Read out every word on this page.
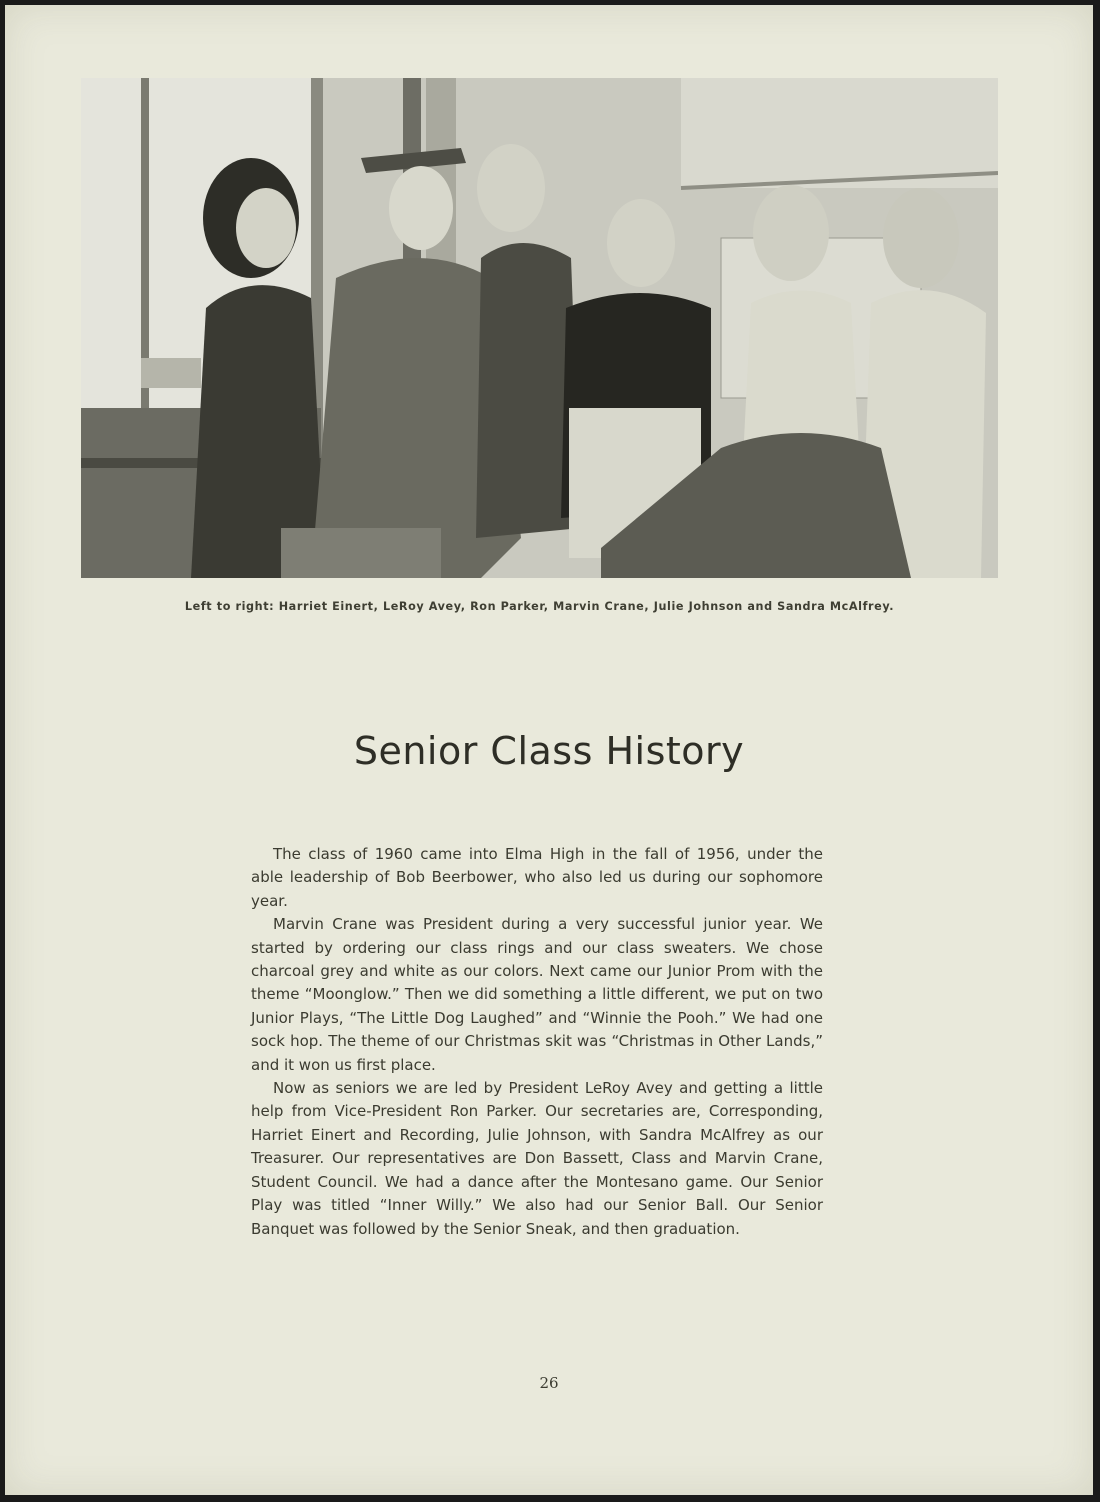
Left to right: Harriet Einert, LeRoy Avey, Ron Parker, Marvin Crane, Julie Johnson and Sandra McAlfrey.
Senior Class History

The class of 1960 came into Elma High in the fall of 1956, under the able leadership of Bob Beerbower, who also led us during our sophomore year.

Marvin Crane was President during a very successful junior year. We started by ordering our class rings and our class sweaters. We chose charcoal grey and white as our colors. Next came our Junior Prom with the theme “Moonglow.” Then we did something a little different, we put on two Junior Plays, “The Little Dog Laughed” and “Winnie the Pooh.” We had one sock hop. The theme of our Christmas skit was “Christmas in Other Lands,” and it won us first place.

Now as seniors we are led by President LeRoy Avey and getting a little help from Vice-President Ron Parker. Our secretaries are, Corresponding, Harriet Einert and Recording, Julie Johnson, with Sandra McAlfrey as our Treasurer. Our representatives are Don Bassett, Class and Marvin Crane, Student Council. We had a dance after the Montesano game. Our Senior Play was titled “Inner Willy.” We also had our Senior Ball. Our Senior Banquet was followed by the Senior Sneak, and then graduation.

26
